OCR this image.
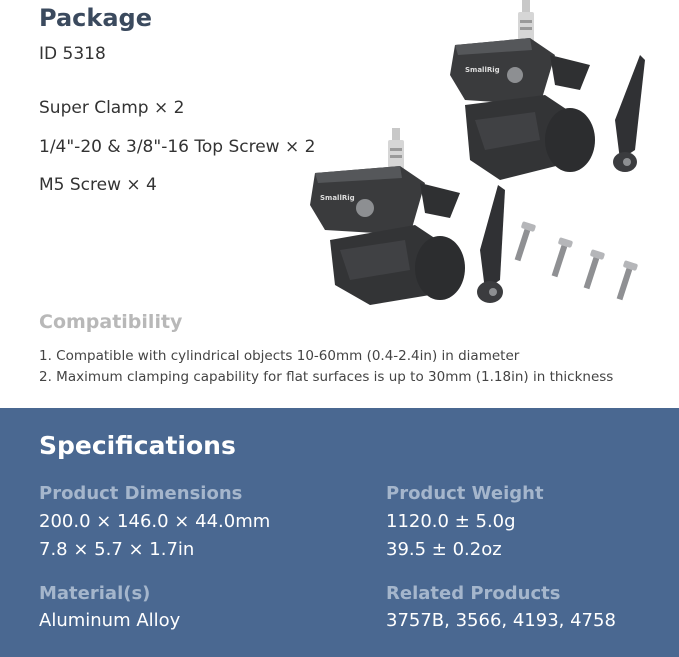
Package
ID 5318
Super Clamp × 2
1/4"-20 & 3/8"-16 Top Screw × 2
M5 Screw × 4
SmallRig
SmallRig
Compatibility
1. Compatible with cylindrical objects 10-60mm (0.4-2.4in) in diameter
2. Maximum clamping capability for flat surfaces is up to 30mm (1.18in) in thickness
Specifications
Product Dimensions
200.0 × 146.0 × 44.0mm
7.8 × 5.7 × 1.7in
Product Weight
1120.0 ± 5.0g
39.5 ± 0.2oz
Material(s)
Aluminum Alloy
Related Products
3757B, 3566, 4193, 4758
